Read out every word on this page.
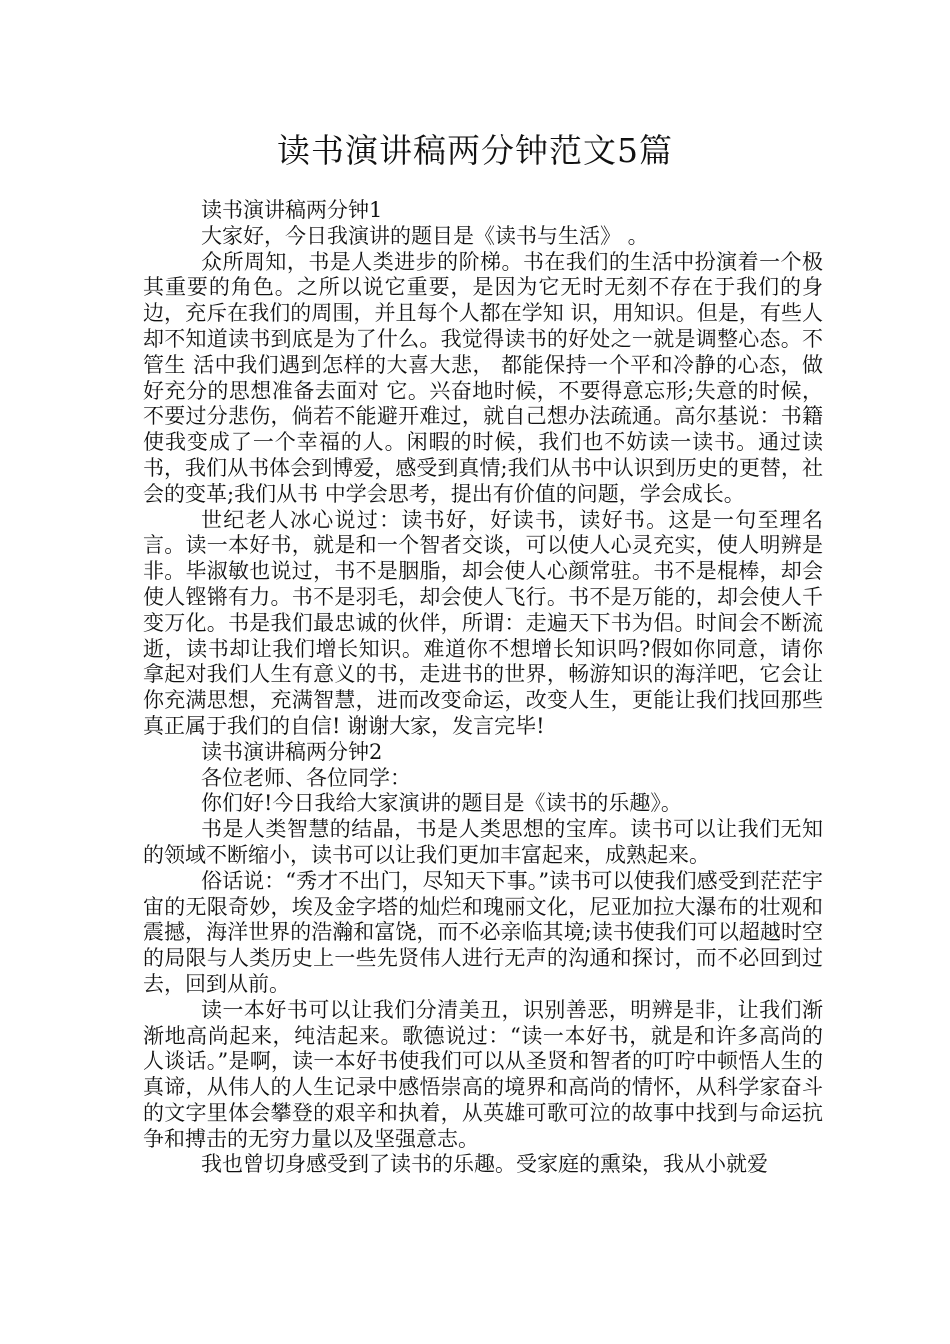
读书演讲稿两分钟范文5篇

读书演讲稿两分钟1

大家好，今日我演讲的题目是《读书与生活》 。

众所周知，书是人类进步的阶梯。书在我们的生活中扮演着一个极其重要的角色。之所以说它重要，是因为它无时无刻不存在于我们的身边，充斥在我们的周围，并且每个人都在学知 识，用知识。但是，有些人却不知道读书到底是为了什么。我觉得读书的好处之一就是调整心态。不管生 活中我们遇到怎样的大喜大悲， 都能保持一个平和冷静的心态，做好充分的思想准备去面对 它。兴奋地时候，不要得意忘形;失意的时候，不要过分悲伤，倘若不能避开难过，就自己想办法疏通。高尔基说：书籍使我变成了一个幸福的人。闲暇的时候，我们也不妨读一读书。通过读书，我们从书体会到博爱，感受到真情;我们从书中认识到历史的更替，社会的变革;我们从书 中学会思考，提出有价值的问题，学会成长。

世纪老人冰心说过：读书好，好读书，读好书。这是一句至理名言。读一本好书，就是和一个智者交谈，可以使人心灵充实，使人明辨是非。毕淑敏也说过，书不是胭脂，却会使人心颜常驻。书不是棍棒，却会使人铿锵有力。书不是羽毛，却会使人飞行。书不是万能的，却会使人千变万化。书是我们最忠诚的伙伴，所谓：走遍天下书为侣。时间会不断流逝，读书却让我们增长知识。难道你不想增长知识吗?假如你同意，请你拿起对我们人生有意义的书，走进书的世界，畅游知识的海洋吧，它会让你充满思想，充满智慧，进而改变命运，改变人生，更能让我们找回那些真正属于我们的自信! 谢谢大家，发言完毕!

读书演讲稿两分钟2

各位老师、各位同学：

你们好!今日我给大家演讲的题目是《读书的乐趣》。

书是人类智慧的结晶，书是人类思想的宝库。读书可以让我们无知的领域不断缩小，读书可以让我们更加丰富起来，成熟起来。

俗话说：“秀才不出门，尽知天下事。”读书可以使我们感受到茫茫宇宙的无限奇妙，埃及金字塔的灿烂和瑰丽文化，尼亚加拉大瀑布的壮观和震撼，海洋世界的浩瀚和富饶，而不必亲临其境;读书使我们可以超越时空的局限与人类历史上一些先贤伟人进行无声的沟通和探讨，而不必回到过去，回到从前。

读一本好书可以让我们分清美丑，识别善恶，明辨是非，让我们渐渐地高尚起来，纯洁起来。歌德说过：“读一本好书，就是和许多高尚的人谈话。”是啊，读一本好书使我们可以从圣贤和智者的叮咛中顿悟人生的真谛，从伟人的人生记录中感悟崇高的境界和高尚的情怀，从科学家奋斗的文字里体会攀登的艰辛和执着，从英雄可歌可泣的故事中找到与命运抗争和搏击的无穷力量以及坚强意志。

我也曾切身感受到了读书的乐趣。受家庭的熏染，我从小就爱
